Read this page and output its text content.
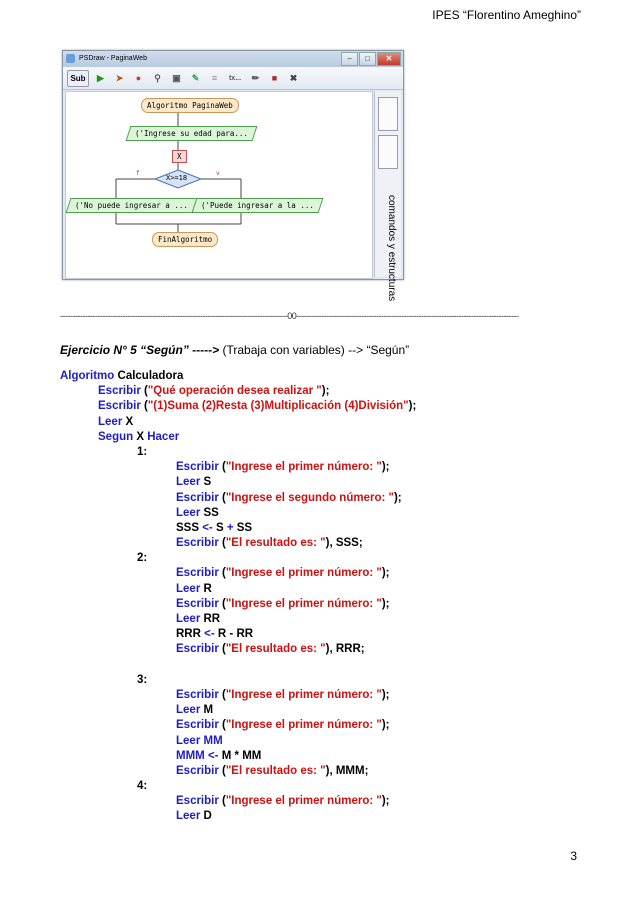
IPES “Florentino Ameghino”
PSDraw - PaginaWeb	–	□	✕
Sub	▶	➤	●	⚲	▣	✎	≡	tx...	✏	■	✖
Algoritmo PaginaWeb
('Ingrese su edad para...
X
X>=18
f	v
('No puede ingresar a ...	('Puede ingresar a la ...
FinAlgoritmo	comandos y estructuras
-------------------------------------------------------------------------------------------00-----------------------------------------------------------------------------------------
Ejercicio N° 5 “Según” -----> (Trabaja con variables) --> “Según”
Algoritmo Calculadora
Escribir ("Qué operación desea realizar ");
Escribir ("(1)Suma (2)Resta (3)Multiplicación (4)División");
Leer X
Segun X Hacer
1:
Escribir ("Ingrese el primer número: ");
Leer S
Escribir ("Ingrese el segundo número: ");
Leer SS
SSS <- S + SS
Escribir ("El resultado es: "), SSS;
2:
Escribir ("Ingrese el primer número: ");
Leer R
Escribir ("Ingrese el primer número: ");
Leer RR
RRR <- R - RR
Escribir ("El resultado es: "), RRR;
3:
Escribir ("Ingrese el primer número: ");
Leer M
Escribir ("Ingrese el primer número: ");
Leer MM
MMM <- M * MM
Escribir ("El resultado es: "), MMM;
4:
Escribir ("Ingrese el primer número: ");
Leer D
3
